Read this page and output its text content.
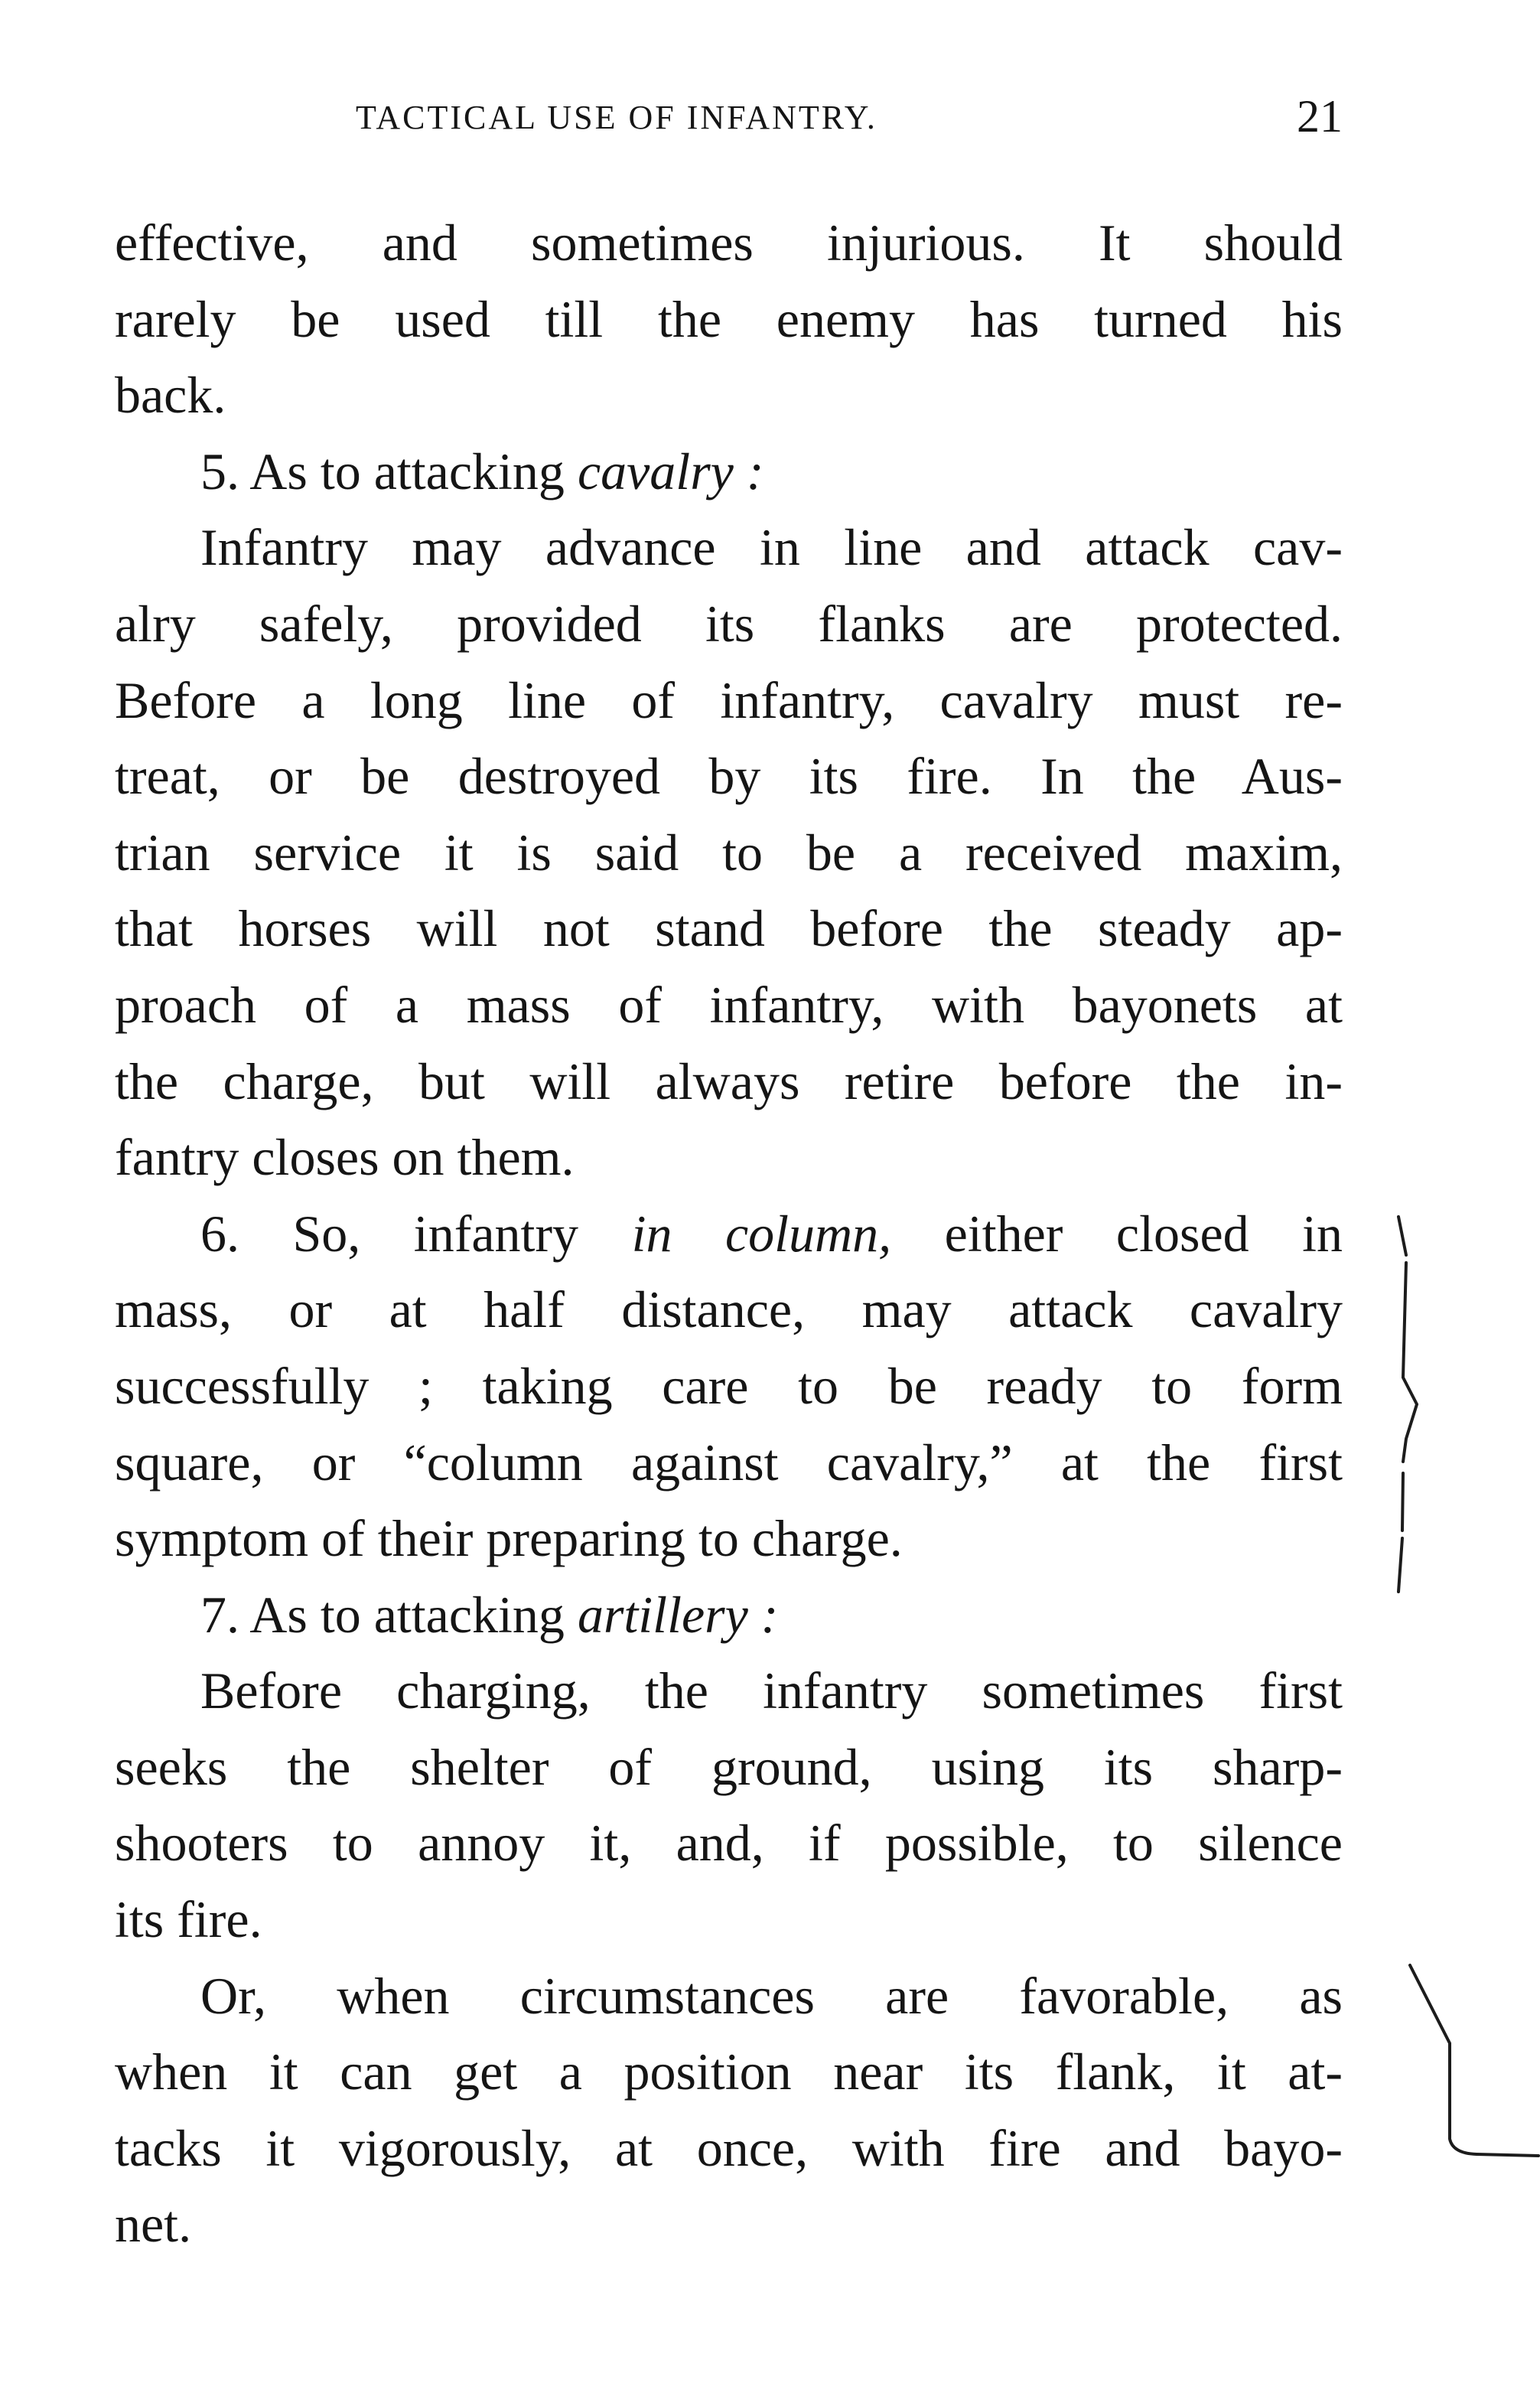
TACTICAL USE OF INFANTRY.	21
effective, and sometimes injurious. It should
rarely be used till the enemy has turned his
back.
5. As to attacking cavalry :
Infantry may advance in line and attack cav-
alry safely, provided its flanks are protected.
Before a long line of infantry, cavalry must re-
treat, or be destroyed by its fire. In the Aus-
trian service it is said to be a received maxim,
that horses will not stand before the steady ap-
proach of a mass of infantry, with bayonets at
the charge, but will always retire before the in-
fantry closes on them.
6. So, infantry in column, either closed in
mass, or at half distance, may attack cavalry
successfully ; taking care to be ready to form
square, or “column against cavalry,” at the first
symptom of their preparing to charge.
7. As to attacking artillery :
Before charging, the infantry sometimes first
seeks the shelter of ground, using its sharp-
shooters to annoy it, and, if possible, to silence
its fire.
Or, when circumstances are favorable, as
when it can get a position near its flank, it at-
tacks it vigorously, at once, with fire and bayo-
net.
